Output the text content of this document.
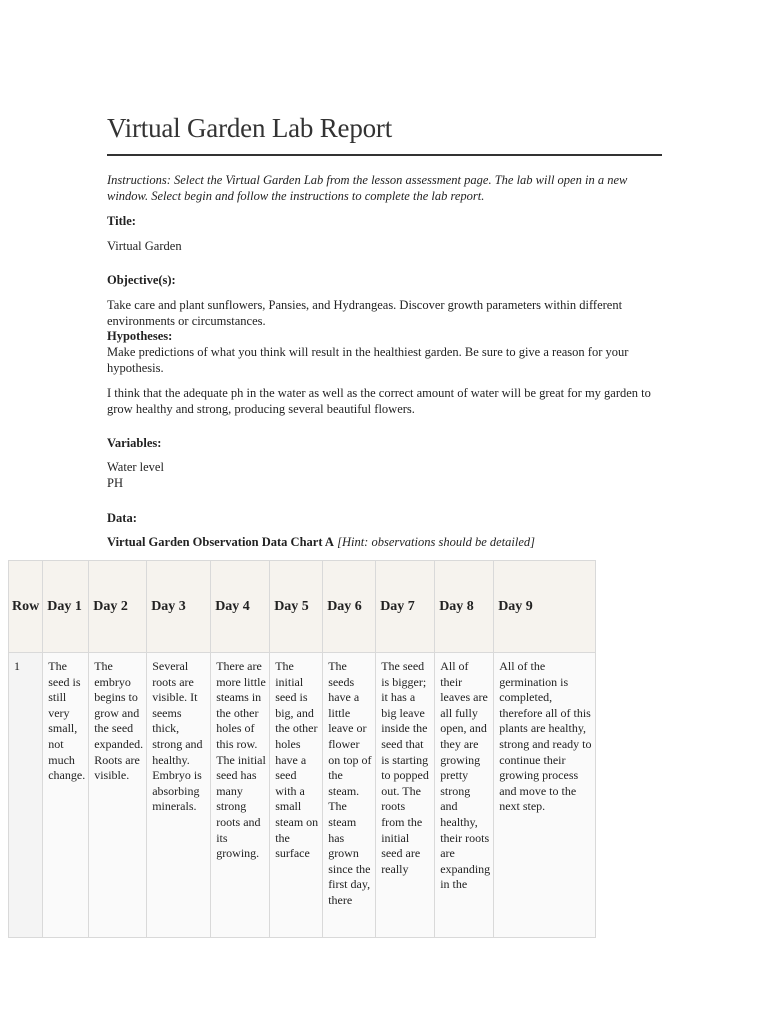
Virtual Garden Lab Report

Instructions: Select the Virtual Garden Lab from the lesson assessment page. The lab will open in a new window. Select begin and follow the instructions to complete the lab report.

Title:

Virtual Garden

Objective(s):

Take care and plant sunflowers, Pansies, and Hydrangeas. Discover growth parameters within different environments or circumstances.

Hypotheses:

Make predictions of what you think will result in the healthiest garden. Be sure to give a reason for your hypothesis.

I think that the adequate ph in the water as well as the correct amount of water will be great for my garden to grow healthy and strong, producing several beautiful flowers.

Variables:

Water level

PH

Data:

Virtual Garden Observation Data Chart A [Hint: observations should be detailed]

Row	Day 1	Day 2	Day 3	Day 4	Day 5	Day 6	Day 7	Day 8	Day 9
1	The seed is still very small, not much change.	The embryo begins to grow and the seed expanded. Roots are visible.	Several roots are visible. It seems thick, strong and healthy. Embryo is absorbing minerals.	There are more little steams in the other holes of this row. The initial seed has many strong roots and its growing.	The initial seed is big, and the other holes have a seed with a small steam on the surface	The seeds have a little leave or flower on top of the steam. The steam has grown since the first day, there	The seed is bigger; it has a big leave inside the seed that is starting to popped out. The roots from the initial seed are really	All of their leaves are all fully open, and they are growing pretty strong and healthy, their roots are expanding in the	All of the germination is completed, therefore all of this plants are healthy, strong and ready to continue their growing process and move to the next step.
